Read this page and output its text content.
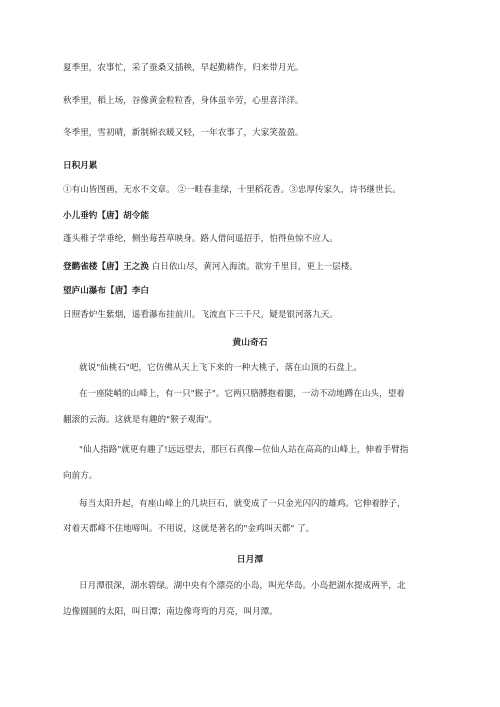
夏季里，农事忙，采了蚕桑又插秧，早起勤耕作，归来带月光。
秋季里，稻上场，谷像黄金粒粒香，身体虽辛劳，心里喜洋洋。
冬季里，雪初晴，新制棉衣暖又轻，一年农事了，大家笑盈盈。
日积月累
①有山皆图画，无水不文章。 ②一畦春韭绿，十里稻花香。③忠厚传家久，诗书继世长。
小儿垂钓【唐】胡令能
蓬头稚子学垂纶，侧坐莓苔草映身。路人借问遥招手，怕得鱼惊不应人。
登鹳雀楼【唐】王之涣 白日依山尽，黄河入海流。欲穷千里目，更上一层楼。
望庐山瀑布【唐】李白
日照香炉生紫烟，遥看瀑布挂前川。飞流直下三千尺，疑是银河落九天。
黄山奇石
就说"仙桃石"吧，它仿佛从天上飞下来的一种大桃子，落在山顶的石盘上。
在一座陡峭的山峰上，有一只"猴子"。它两只胳膊抱着腿，一动不动地蹲在山头，望着
翻滚的云海。这就是有趣的"猴子观海"。
"仙人指路"就更有趣了!远远望去，那巨石真像—位仙人站在高高的山峰上，伸着手臂指
向前方。
每当太阳升起，有座山峰上的几块巨石，就变成了一只金光闪闪的雄鸡。它伸着脖子，
对着天都峰不住地啼叫。不用说，这就是著名的"金鸡叫天都" 了。
日月潭
日月潭很深，湖水碧绿。湖中央有个漂亮的小岛，叫光华岛。小岛把湖水提成两半，北
边像圆圆的太阳，叫日潭；南边像弯弯的月亮，叫月潭。
